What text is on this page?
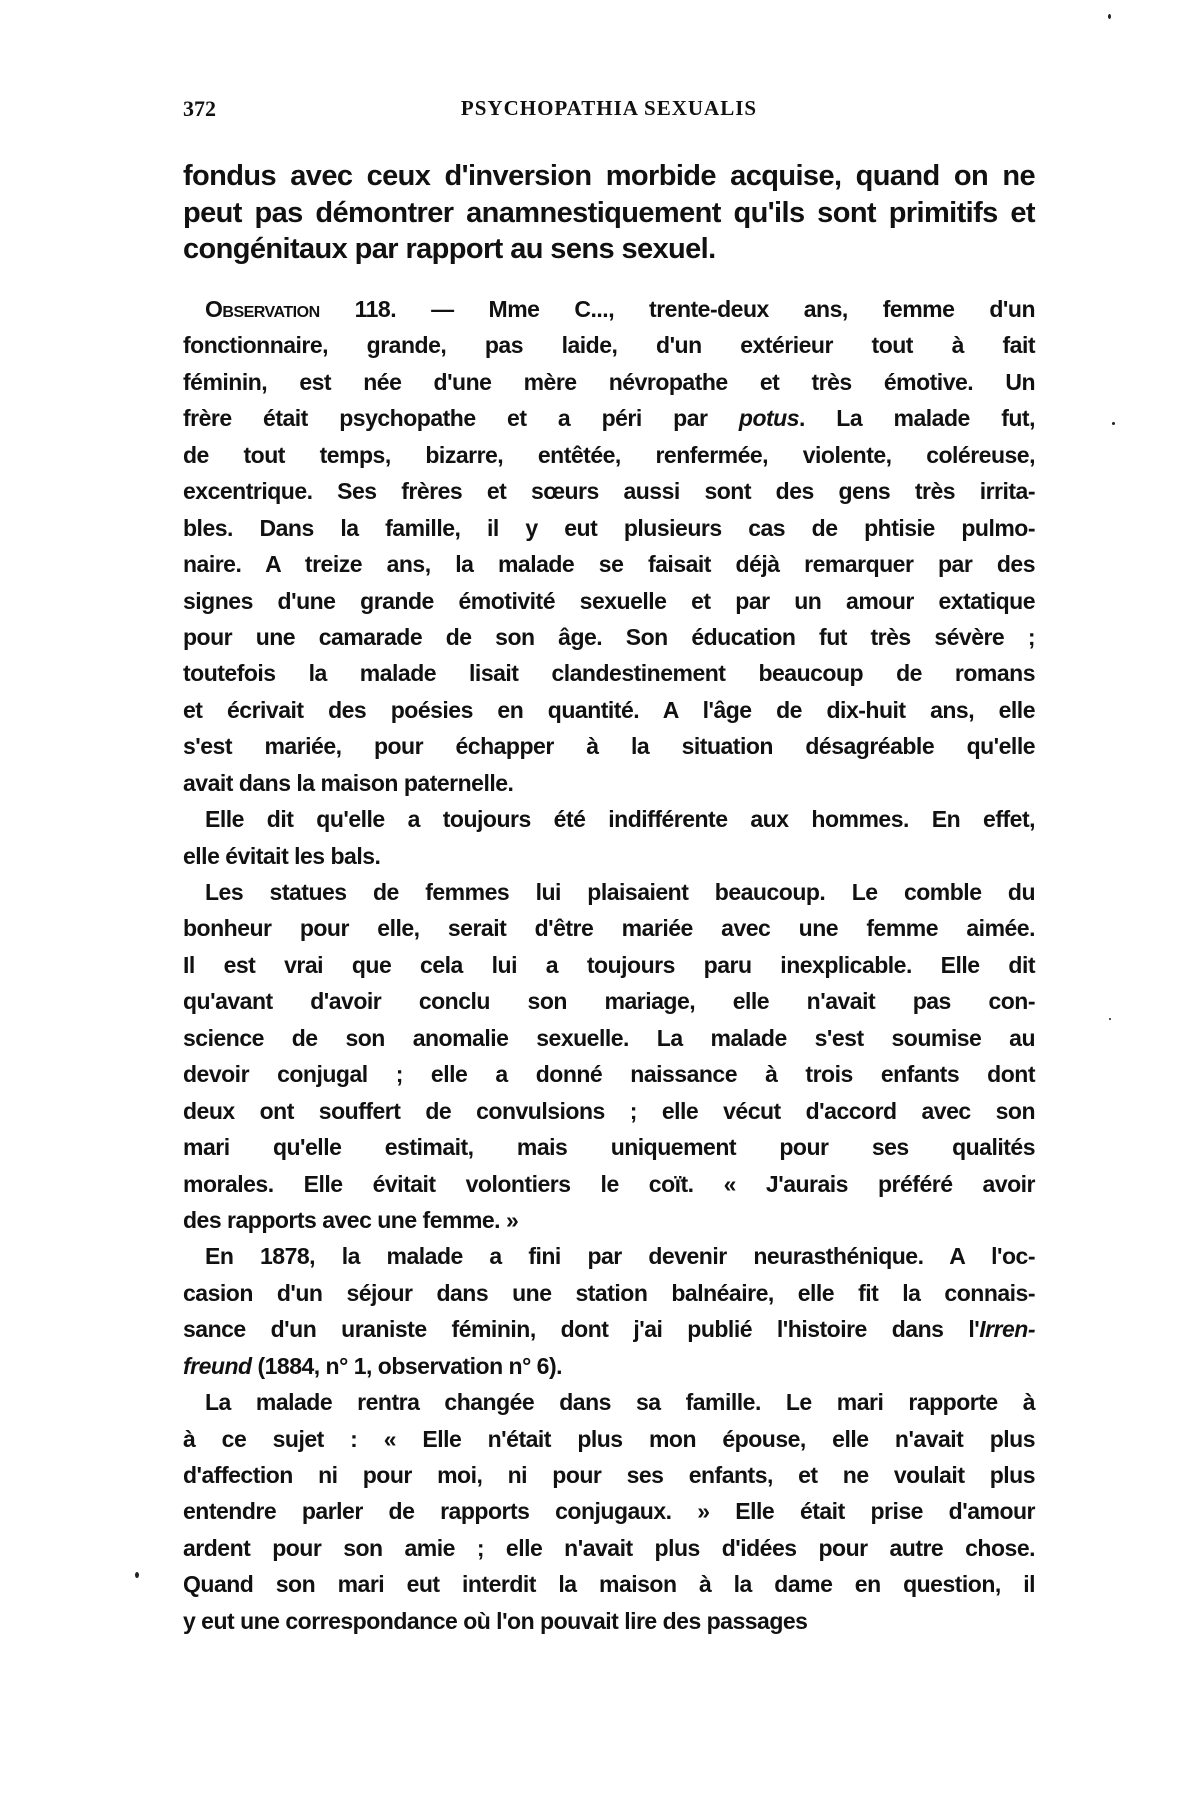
372	PSYCHOPATHIA SEXUALIS
fondus avec ceux d'inversion morbide acquise, quand on ne
peut pas démontrer anamnestiquement qu'ils sont primitifs et
congénitaux par rapport au sens sexuel.
Observation 118. — Mme C..., trente-deux ans, femme d'un
fonctionnaire, grande, pas laide, d'un extérieur tout à fait
féminin, est née d'une mère névropathe et très émotive. Un
frère était psychopathe et a péri par potus. La malade fut,
de tout temps, bizarre, entêtée, renfermée, violente, coléreuse,
excentrique. Ses frères et sœurs aussi sont des gens très irrita-
bles. Dans la famille, il y eut plusieurs cas de phtisie pulmo-
naire. A treize ans, la malade se faisait déjà remarquer par des
signes d'une grande émotivité sexuelle et par un amour extatique
pour une camarade de son âge. Son éducation fut très sévère ;
toutefois la malade lisait clandestinement beaucoup de romans
et écrivait des poésies en quantité. A l'âge de dix-huit ans, elle
s'est mariée, pour échapper à la situation désagréable qu'elle
avait dans la maison paternelle.
Elle dit qu'elle a toujours été indifférente aux hommes. En effet,
elle évitait les bals.
Les statues de femmes lui plaisaient beaucoup. Le comble du
bonheur pour elle, serait d'être mariée avec une femme aimée.
Il est vrai que cela lui a toujours paru inexplicable. Elle dit
qu'avant d'avoir conclu son mariage, elle n'avait pas con-
science de son anomalie sexuelle. La malade s'est soumise au
devoir conjugal ; elle a donné naissance à trois enfants dont
deux ont souffert de convulsions ; elle vécut d'accord avec son
mari qu'elle estimait, mais uniquement pour ses qualités
morales. Elle évitait volontiers le coït. « J'aurais préféré avoir
des rapports avec une femme. »
En 1878, la malade a fini par devenir neurasthénique. A l'oc-
casion d'un séjour dans une station balnéaire, elle fit la connais-
sance d'un uraniste féminin, dont j'ai publié l'histoire dans l'Irren-
freund (1884, n° 1, observation n° 6).
La malade rentra changée dans sa famille. Le mari rapporte à
à ce sujet : « Elle n'était plus mon épouse, elle n'avait plus
d'affection ni pour moi, ni pour ses enfants, et ne voulait plus
entendre parler de rapports conjugaux. » Elle était prise d'amour
ardent pour son amie ; elle n'avait plus d'idées pour autre chose.
Quand son mari eut interdit la maison à la dame en question, il
y eut une correspondance où l'on pouvait lire des passages
